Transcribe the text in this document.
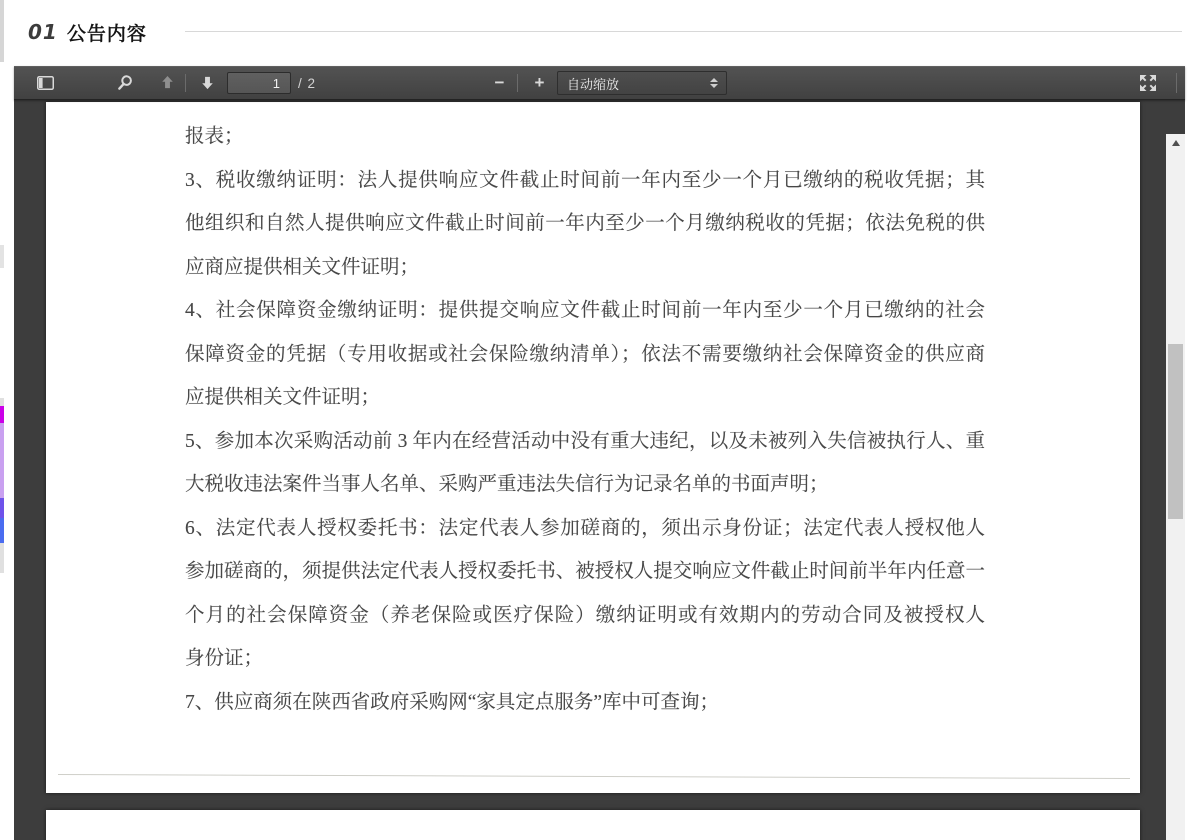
01 公告内容
1
/ 2	− + 自动缩放
报表；
3、税收缴纳证明：法人提供响应文件截止时间前一年内至少一个月已缴纳的税收凭据；其
他组织和自然人提供响应文件截止时间前一年内至少一个月缴纳税收的凭据；依法免税的供
应商应提供相关文件证明；
4、社会保障资金缴纳证明：提供提交响应文件截止时间前一年内至少一个月已缴纳的社会
保障资金的凭据（专用收据或社会保险缴纳清单）；依法不需要缴纳社会保障资金的供应商
应提供相关文件证明；
5、参加本次采购活动前 3 年内在经营活动中没有重大违纪，以及未被列入失信被执行人、重
大税收违法案件当事人名单、采购严重违法失信行为记录名单的书面声明；
6、法定代表人授权委托书：法定代表人参加磋商的，须出示身份证；法定代表人授权他人
参加磋商的，须提供法定代表人授权委托书、被授权人提交响应文件截止时间前半年内任意一
个月的社会保障资金（养老保险或医疗保险）缴纳证明或有效期内的劳动合同及被授权人
身份证；
7、供应商须在陕西省政府采购网“家具定点服务”库中可查询；
